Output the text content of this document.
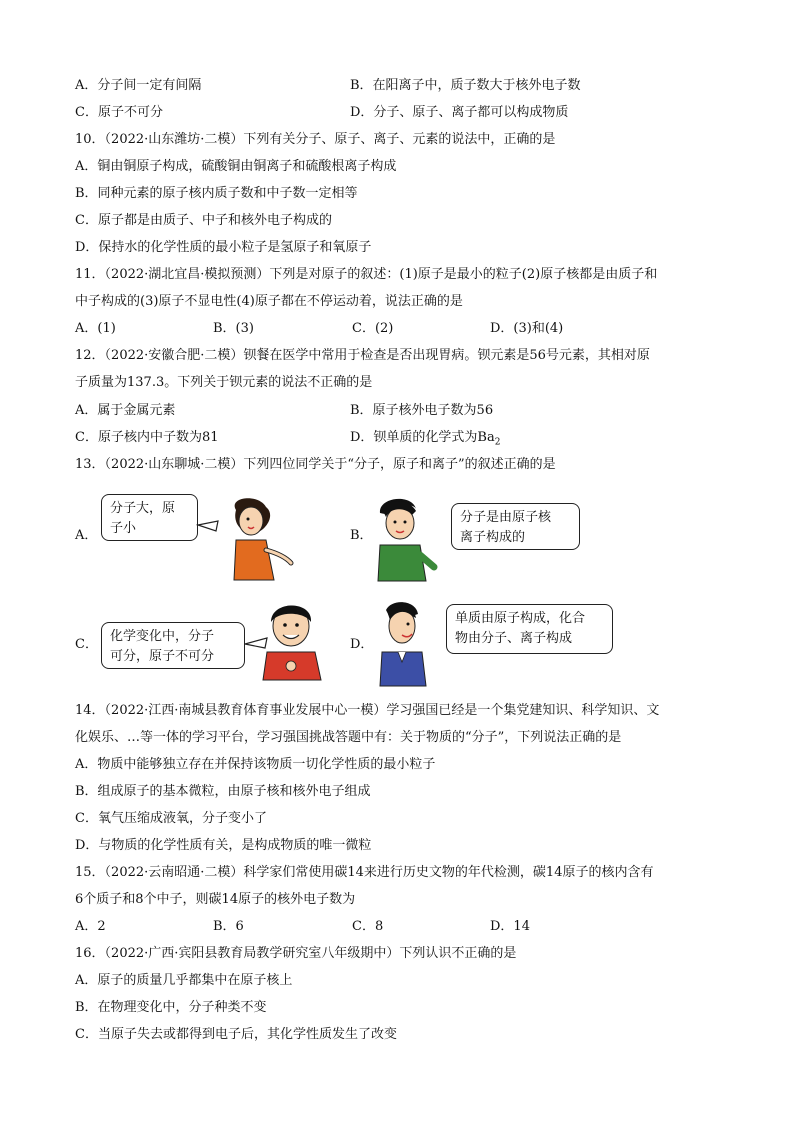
A．分子间一定有间隔	B．在阳离子中，质子数大于核外电子数
C．原子不可分	D．分子、原子、离子都可以构成物质
10．（2022·山东潍坊·二模）下列有关分子、原子、离子、元素的说法中，正确的是
A．铜由铜原子构成，硫酸铜由铜离子和硫酸根离子构成
B．同种元素的原子核内质子数和中子数一定相等
C．原子都是由质子、中子和核外电子构成的
D．保持水的化学性质的最小粒子是氢原子和氧原子
11．（2022·湖北宜昌·模拟预测）下列是对原子的叙述：(1)原子是最小的粒子(2)原子核都是由质子和
中子构成的(3)原子不显电性(4)原子都在不停运动着，说法正确的是
A．(1)	B．(3)	C．(2)	D．(3)和(4)
12．（2022·安徽合肥·二模）钡餐在医学中常用于检查是否出现胃病。钡元素是56号元素，其相对原
子质量为137.3。下列关于钡元素的说法不正确的是
A．属于金属元素	B．原子核外电子数为56
C．原子核内中子数为81	D．钡单质的化学式为$Ba_2$
13．（2022·山东聊城·二模）下列四位同学关于“分子，原子和离子”的叙述正确的是
A．
分子大，原
子小	B．
分子是由原子核
离子构成的
C．
化学变化中，分子
可分，原子不可分
D．
单质由原子构成，化合
物由分子、离子构成
14．（2022·江西·南城县教育体育事业发展中心一模）学习强国已经是一个集党建知识、科学知识、文
化娱乐、…等一体的学习平台，学习强国挑战答题中有：关于物质的“分子”，下列说法正确的是
A．物质中能够独立存在并保持该物质一切化学性质的最小粒子
B．组成原子的基本微粒，由原子核和核外电子组成
C．氧气压缩成液氧，分子变小了
D．与物质的化学性质有关，是构成物质的唯一微粒
15．（2022·云南昭通·二模）科学家们常使用碳14来进行历史文物的年代检测，碳14原子的核内含有
6个质子和8个中子，则碳14原子的核外电子数为
A．2	B．6	C．8	D．14
16．（2022·广西·宾阳县教育局教学研究室八年级期中）下列认识不正确的是
A．原子的质量几乎都集中在原子核上
B．在物理变化中，分子种类不变
C．当原子失去或都得到电子后，其化学性质发生了改变
